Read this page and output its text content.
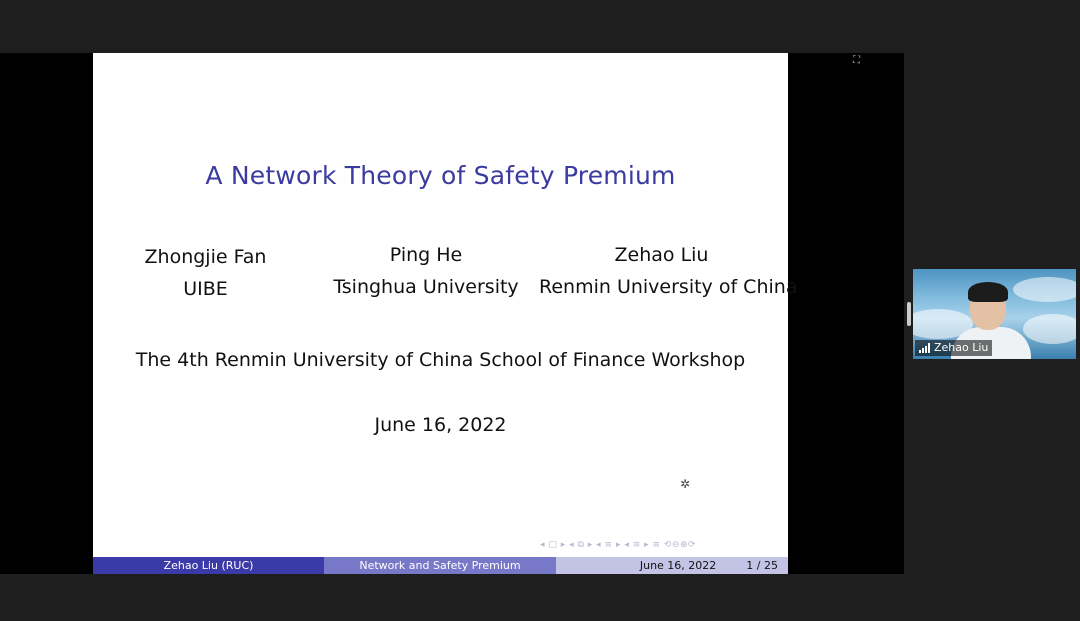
A Network Theory of Safety Premium
Zhongjie Fan
UIBE
Ping He
Tsinghua University
Zehao Liu
Renmin University of China
The 4th Renmin University of China School of Finance Workshop
June 16, 2022
✲
◂ ▢ ▸ ◂ ⧉ ▸ ◂ ≡ ▸ ◂ ≡ ▸ ≡ ⟲⊖⊕⟳
Zehao Liu (RUC)	Network and Safety Premium	June 16, 2022	1 / 25
⛶
Zehao Liu
